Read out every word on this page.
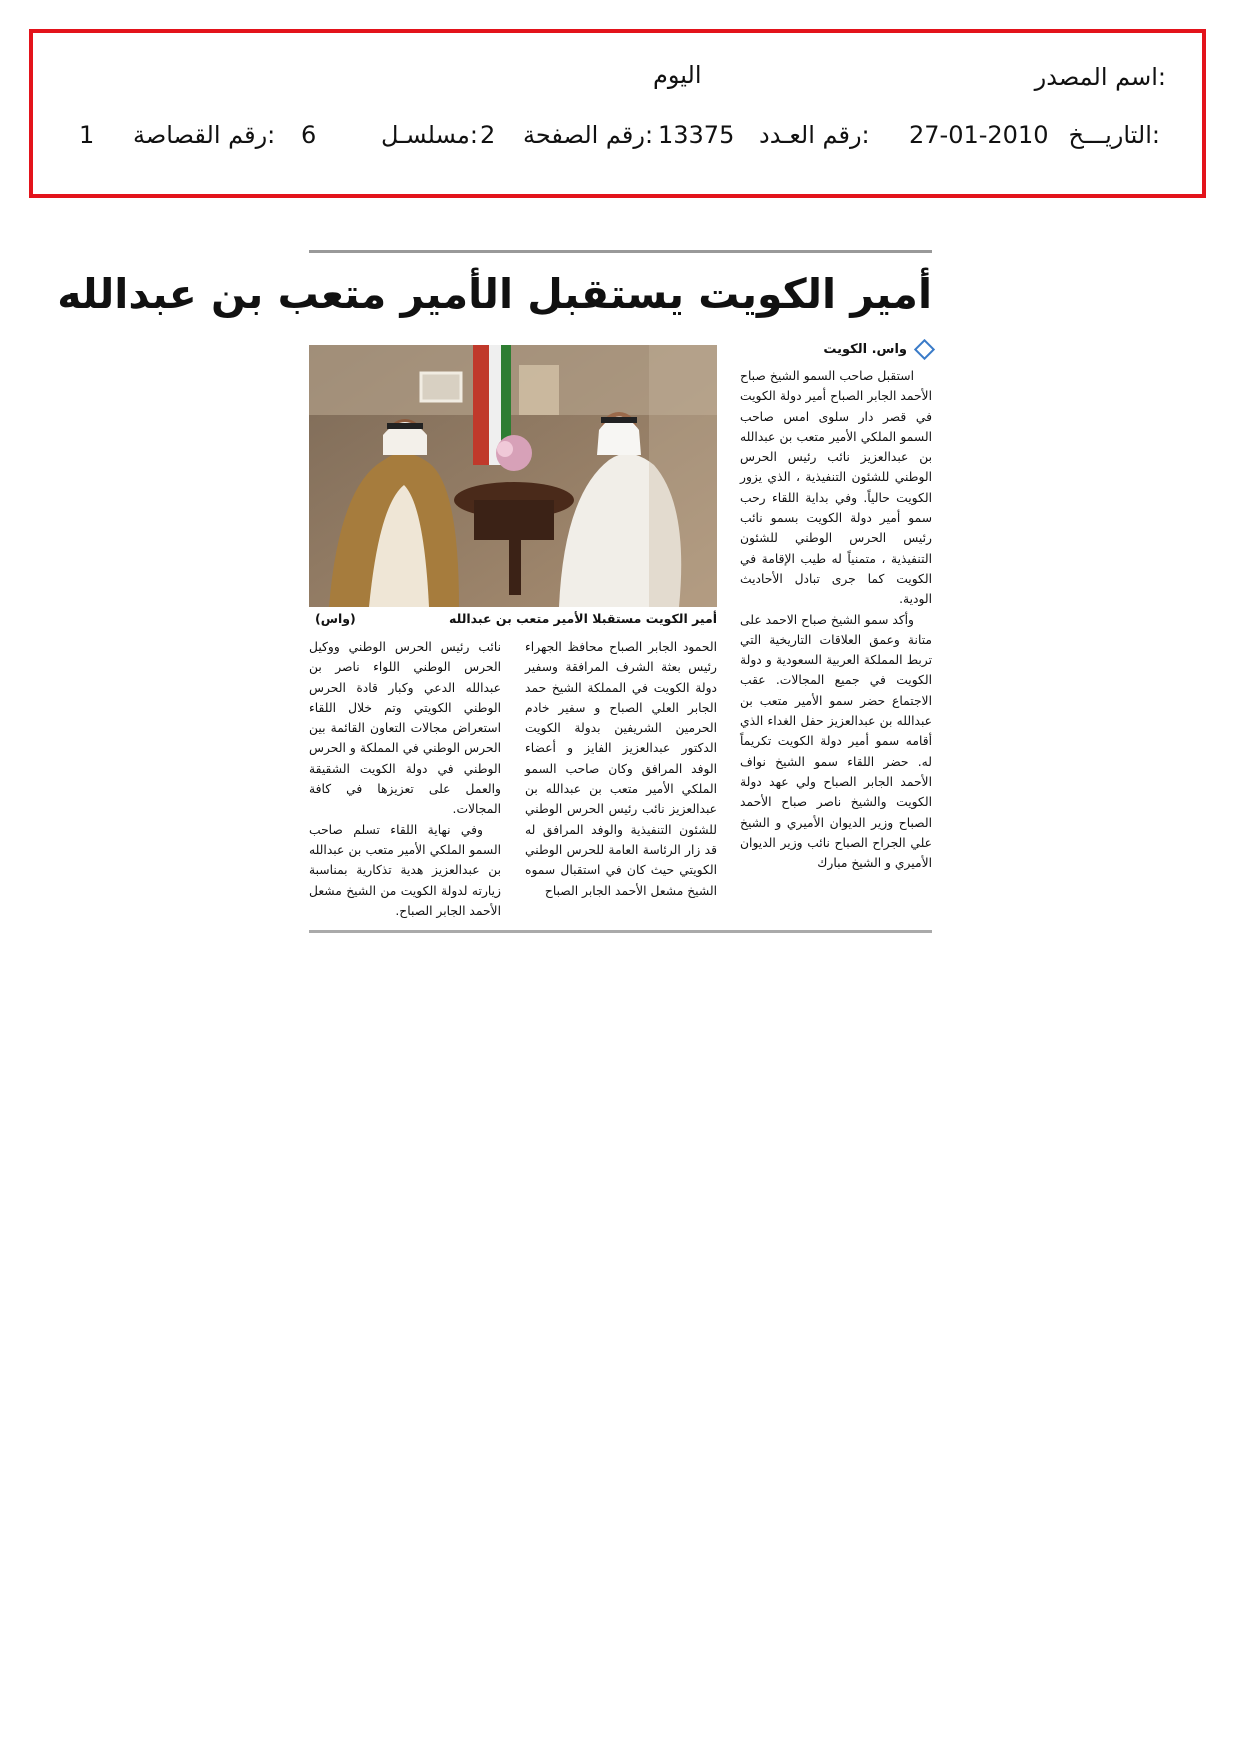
اسم المصدر:
اليوم
التاريـــخ:
27-01-2010
رقم العـدد:
13375
رقم الصفحة:
2
مسلسـل:
6
رقم القصاصة:
1
أمير الكويت يستقبل الأمير متعب بن عبدالله
أمير الكويت مستقبلا الأمير متعب بن عبدالله
(واس)
واس. الكويت

استقبل صاحب السمو الشيخ صباح الأحمد الجابر الصباح أمير دولة الكويت في قصر دار سلوى امس صاحب السمو الملكي الأمير متعب بن عبدالله بن عبدالعزيز نائب رئيس الحرس الوطني للشئون التنفيذية ، الذي يزور الكويت حالياً. وفي بداية اللقاء رحب سمو أمير دولة الكويت بسمو نائب رئيس الحرس الوطني للشئون التنفيذية ، متمنياً له طيب الإقامة في الكويت كما جرى تبادل الأحاديث الودية.

وأكد سمو الشيخ صباح الاحمد على متانة وعمق العلاقات التاريخية التي تربط المملكة العربية السعودية و دولة الكويت في جميع المجالات. عقب الاجتماع حضر سمو الأمير متعب بن عبدالله بن عبدالعزيز حفل الغداء الذي أقامه سمو أمير دولة الكويت تكريماً له. حضر اللقاء سمو الشيخ نواف الأحمد الجابر الصباح ولي عهد دولة الكويت والشيخ ناصر صباح الأحمد الصباح وزير الديوان الأميري و الشيخ علي الجراح الصباح نائب وزير الديوان الأميري و الشيخ مبارك

الحمود الجابر الصباح محافظ الجهراء رئيس بعثة الشرف المرافقة وسفير دولة الكويت في المملكة الشيخ حمد الجابر العلي الصباح و سفير خادم الحرمين الشريفين بدولة الكويت الدكتور عبدالعزيز الفايز و أعضاء الوفد المرافق وكان صاحب السمو الملكي الأمير متعب بن عبدالله بن عبدالعزيز نائب رئيس الحرس الوطني للشئون التنفيذية والوفد المرافق له قد زار الرئاسة العامة للحرس الوطني الكويتي حيث كان في استقبال سموه الشيخ مشعل الأحمد الجابر الصباح

نائب رئيس الحرس الوطني ووكيل الحرس الوطني اللواء ناصر بن عبدالله الدعي وكبار قادة الحرس الوطني الكويتي وتم خلال اللقاء استعراض مجالات التعاون القائمة بين الحرس الوطني في المملكة و الحرس الوطني في دولة الكويت الشقيقة والعمل على تعزيزها في كافة المجالات.

وفي نهاية اللقاء تسلم صاحب السمو الملكي الأمير متعب بن عبدالله بن عبدالعزيز هدية تذكارية بمناسبة زيارته لدولة الكويت من الشيخ مشعل الأحمد الجابر الصباح.
